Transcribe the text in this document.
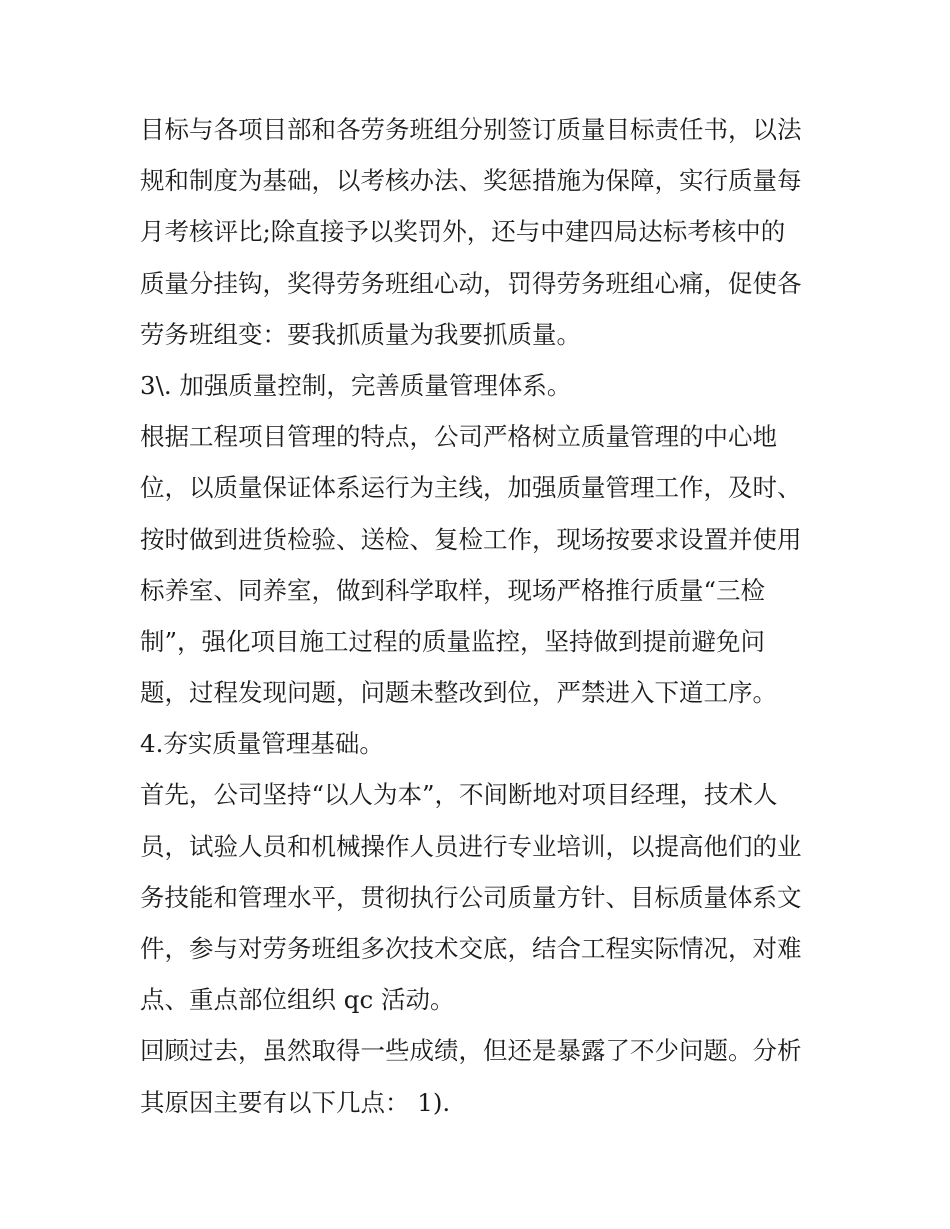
目标与各项目部和各劳务班组分别签订质量目标责任书，以法
规和制度为基础，以考核办法、奖惩措施为保障，实行质量每
月考核评比;除直接予以奖罚外，还与中建四局达标考核中的
质量分挂钩，奖得劳务班组心动，罚得劳务班组心痛，促使各
劳务班组变：要我抓质量为我要抓质量。
3\. 加强质量控制，完善质量管理体系。
根据工程项目管理的特点，公司严格树立质量管理的中心地
位，以质量保证体系运行为主线，加强质量管理工作，及时、
按时做到进货检验、送检、复检工作，现场按要求设置并使用
标养室、同养室，做到科学取样，现场严格推行质量“三检
制”，强化项目施工过程的质量监控，坚持做到提前避免问
题，过程发现问题，问题未整改到位，严禁进入下道工序。
4.夯实质量管理基础。
首先，公司坚持“以人为本”，不间断地对项目经理，技术人
员，试验人员和机械操作人员进行专业培训，以提高他们的业
务技能和管理水平，贯彻执行公司质量方针、目标质量体系文
件，参与对劳务班组多次技术交底，结合工程实际情况，对难
点、重点部位组织 qc 活动。
回顾过去，虽然取得一些成绩，但还是暴露了不少问题。分析
其原因主要有以下几点： 1).
